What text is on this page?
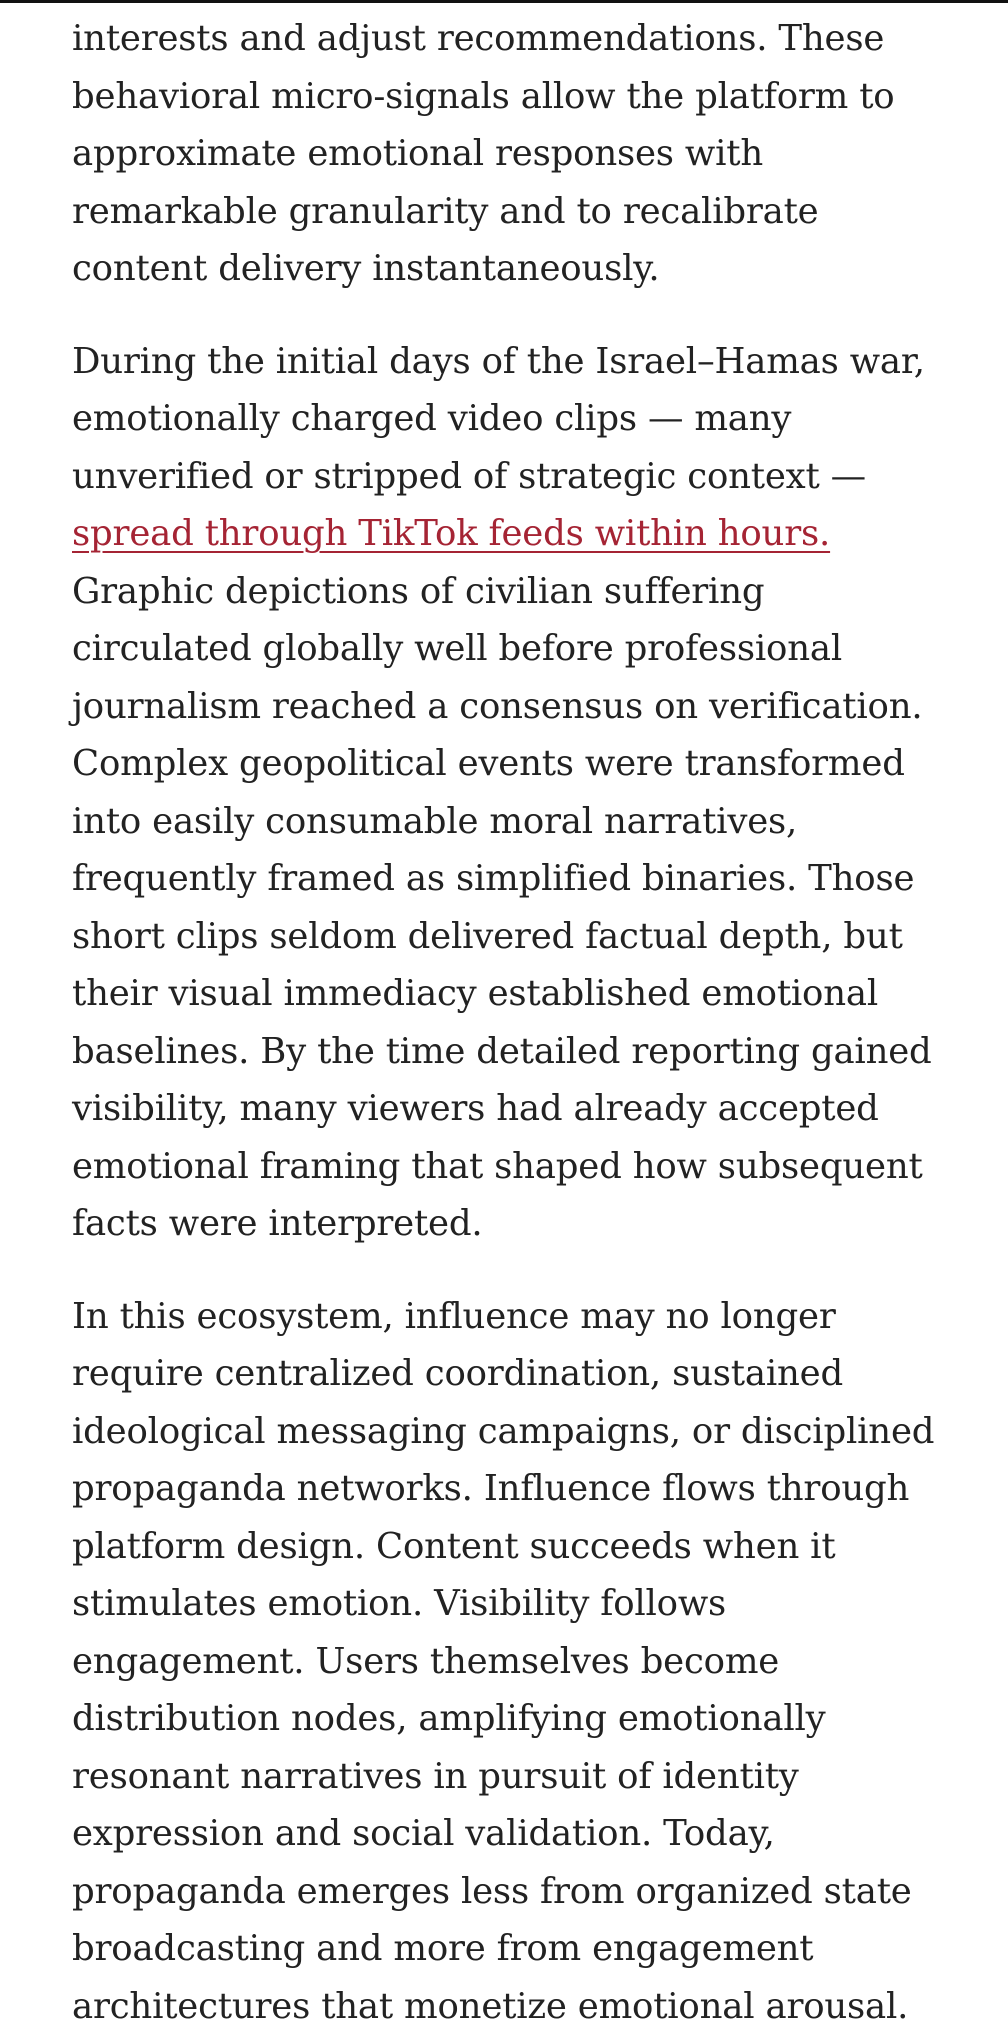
interests and adjust recommendations. These behavioral micro-signals allow the platform to approximate emotional responses with remarkable granularity and to recalibrate content delivery instantaneously.

During the initial days of the Israel–Hamas war, emotionally charged video clips — many unverified or stripped of strategic context — spread through TikTok feeds within hours. Graphic depictions of civilian suffering circulated globally well before professional journalism reached a consensus on verification. Complex geopolitical events were transformed into easily consumable moral narratives, frequently framed as simplified binaries. Those short clips seldom delivered factual depth, but their visual immediacy established emotional baselines. By the time detailed reporting gained visibility, many viewers had already accepted emotional framing that shaped how subsequent facts were interpreted.

In this ecosystem, influence may no longer require centralized coordination, sustained ideological messaging campaigns, or disciplined propaganda networks. Influence flows through platform design. Content succeeds when it stimulates emotion. Visibility follows engagement. Users themselves become distribution nodes, amplifying emotionally resonant narratives in pursuit of identity expression and social validation. Today, propaganda emerges less from organized state broadcasting and more from engagement architectures that monetize emotional arousal.
